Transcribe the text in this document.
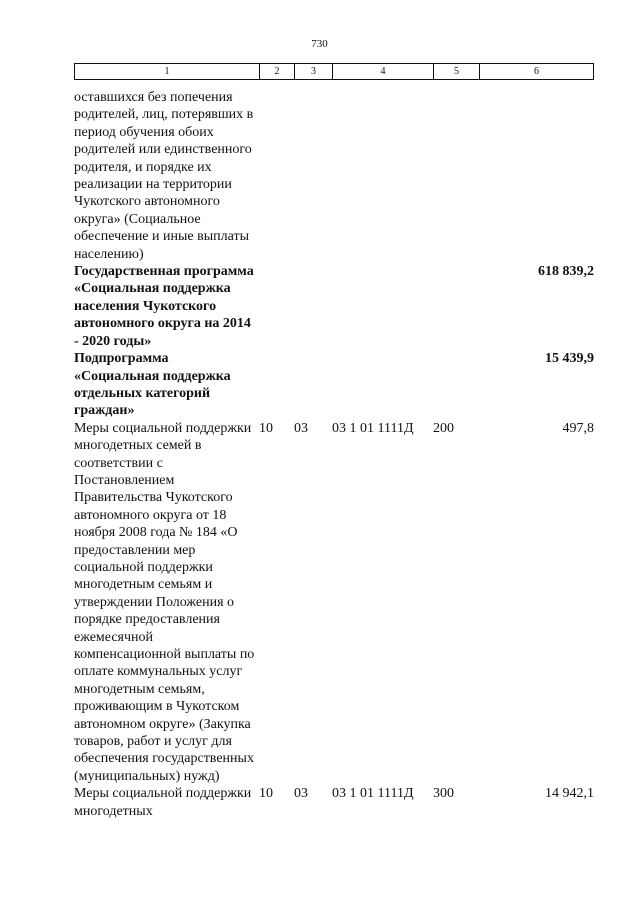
730
1	2	3	4	5	6
оставшихся без попечения родителей, лиц, потерявших в период обучения обоих родителей или единственного родителя, и порядке их реализации на территории Чукотского автономного округа» (Социальное обеспечение и иные выплаты населению)					
Государственная программа «Социальная поддержка населения Чукотского автономного округа на 2014 - 2020 годы»					618 839,2
Подпрограмма «Социальная поддержка отдельных категорий граждан»					15 439,9
Меры социальной поддержки многодетных семей в соответствии с Постановлением Правительства Чукотского автономного округа от 18 ноября 2008 года № 184 «О предоставлении мер социальной поддержки многодетным семьям и утверждении Положения о порядке предоставления ежемесячной компенсационной выплаты по оплате коммунальных услуг многодетным семьям, проживающим в Чукотском автономном округе» (Закупка товаров, работ и услуг для обеспечения государственных (муниципальных) нужд)	10	03	03 1 01 1111Д	200	497,8
Меры социальной поддержки многодетных	10	03	03 1 01 1111Д	300	14 942,1
